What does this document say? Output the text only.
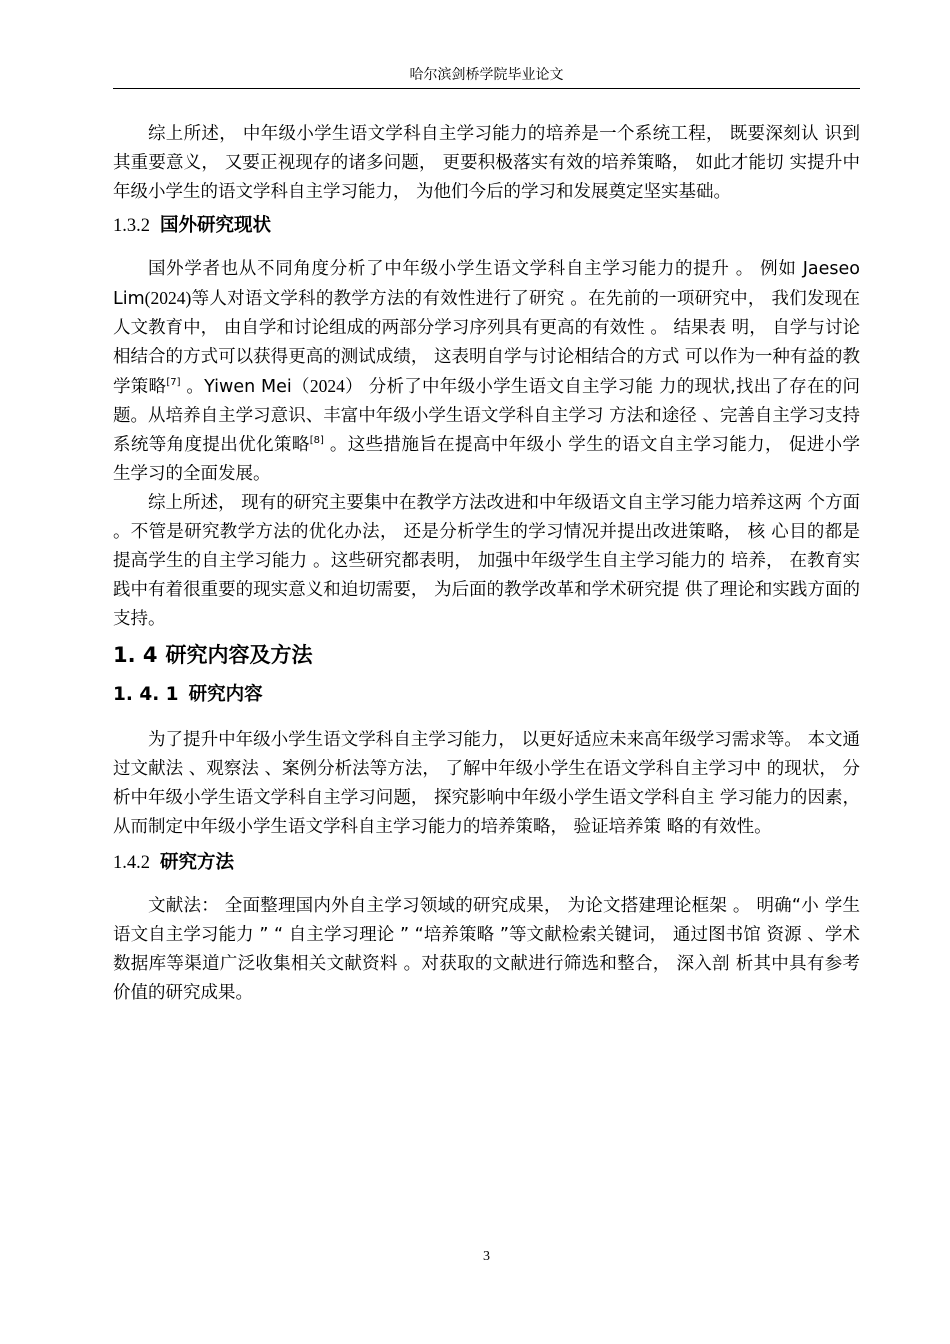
哈尔滨剑桥学院毕业论文

综上所述， 中年级小学生语文学科自主学习能力的培养是一个系统工程， 既要深刻认 识到其重要意义， 又要正视现存的诸多问题， 更要积极落实有效的培养策略， 如此才能切 实提升中年级小学生的语文学科自主学习能力， 为他们今后的学习和发展奠定坚实基础。

1.3.2 国外研究现状

国外学者也从不同角度分析了中年级小学生语文学科自主学习能力的提升 。 例如 Jaeseo Lim(2024)等人对语文学科的教学方法的有效性进行了研究 。在先前的一项研究中， 我们发现在人文教育中， 由自学和讨论组成的两部分学习序列具有更高的有效性 。 结果表 明， 自学与讨论相结合的方式可以获得更高的测试成绩， 这表明自学与讨论相结合的方式 可以作为一种有益的教学策略[7] 。Yiwen Mei（2024） 分析了中年级小学生语文自主学习能 力的现状,找出了存在的问题。从培养自主学习意识、丰富中年级小学生语文学科自主学习 方法和途径 、完善自主学习支持系统等角度提出优化策略[8] 。这些措施旨在提高中年级小 学生的语文自主学习能力， 促进小学生学习的全面发展。

综上所述， 现有的研究主要集中在教学方法改进和中年级语文自主学习能力培养这两 个方面 。不管是研究教学方法的优化办法， 还是分析学生的学习情况并提出改进策略， 核 心目的都是提高学生的自主学习能力 。这些研究都表明， 加强中年级学生自主学习能力的 培养， 在教育实践中有着很重要的现实意义和迫切需要， 为后面的教学改革和学术研究提 供了理论和实践方面的支持。

1. 4 研究内容及方法
1. 4. 1 研究内容

为了提升中年级小学生语文学科自主学习能力， 以更好适应未来高年级学习需求等。 本文通过文献法 、观察法 、案例分析法等方法， 了解中年级小学生在语文学科自主学习中 的现状， 分析中年级小学生语文学科自主学习问题， 探究影响中年级小学生语文学科自主 学习能力的因素， 从而制定中年级小学生语文学科自主学习能力的培养策略， 验证培养策 略的有效性。

1.4.2 研究方法

文献法： 全面整理国内外自主学习领域的研究成果， 为论文搭建理论框架 。 明确“小 学生语文自主学习能力 ” “ 自主学习理论 ” “培养策略 ”等文献检索关键词， 通过图书馆 资源 、学术数据库等渠道广泛收集相关文献资料 。对获取的文献进行筛选和整合， 深入剖 析其中具有参考价值的研究成果。

3
